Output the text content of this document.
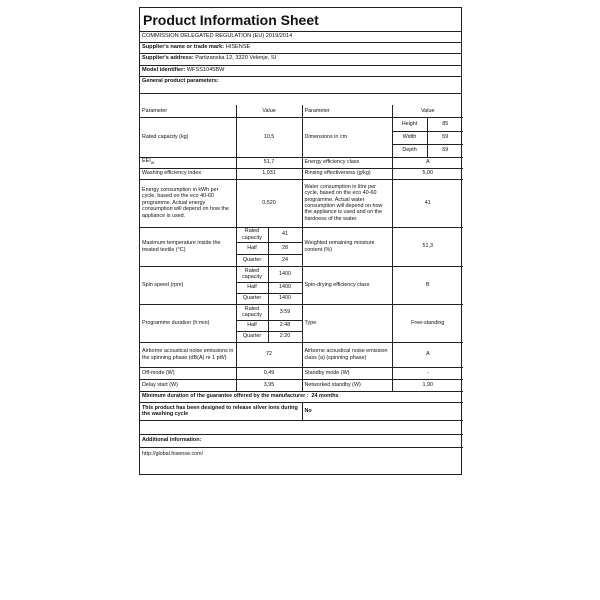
Product Information Sheet
COMMISSION DELEGATED REGULATION (EU) 2019/2014
Supplier's name or trade mark: HISENSE
Supplier's address: Partizanska 12, 3320 Velenje, SI
Model identifier: WFSS1045BW
General product parameters:
Parameter	Value		Parameter	Value	
Rated capacity (kg)	10,5		Dimensions in cm	Height	85
				Width	59
				Depth	59
$EEI_W$	51,7		Energy efficiency class	A	
Washing efficiency index	1,031		Rinsing effectiveness (g/kg)	5,00	
Energy consumption in kWh per cycle, based on the eco 40-60 programme. Actual energy consumption will depend on how the appliance is used.	0,520		Water consumption in litre per cycle, based on the eco 40-60 programme. Actual water consumption will depend on how the appliance is used and on the hardness of the water.	41	
Maximum temperature inside the treated textile (°C)	Rated capacity	41	Weighted remaining moisture content (%)	51,3	
	Half	28			
	Quarter	24			
Spin speed (rpm)	Rated capacity	1400	Spin-drying efficiency class	B	
	Half	1400			
	Quarter	1400			
Programme duration (h:min)	Rated capacity	3:59	Type	Free-standing	
	Half	2:48			
	Quarter	2:20			
Airborne acoustical noise emissions in the spinning phase (dB(A) re 1 pW)	72		Airborne acoustical noise emission class (a) (spinning phase)	A	
Off-mode (W)	0,49		Standby mode (W)	-	
Delay start (W)	3,95		Networked standby (W)	1,90	
Minimum duration of the guarantee offered by the manufacturer : 24 months					
This product has been designed to release silver ions during the washing cycle			No		

Additional information:					
http://global.hisense.com/					
